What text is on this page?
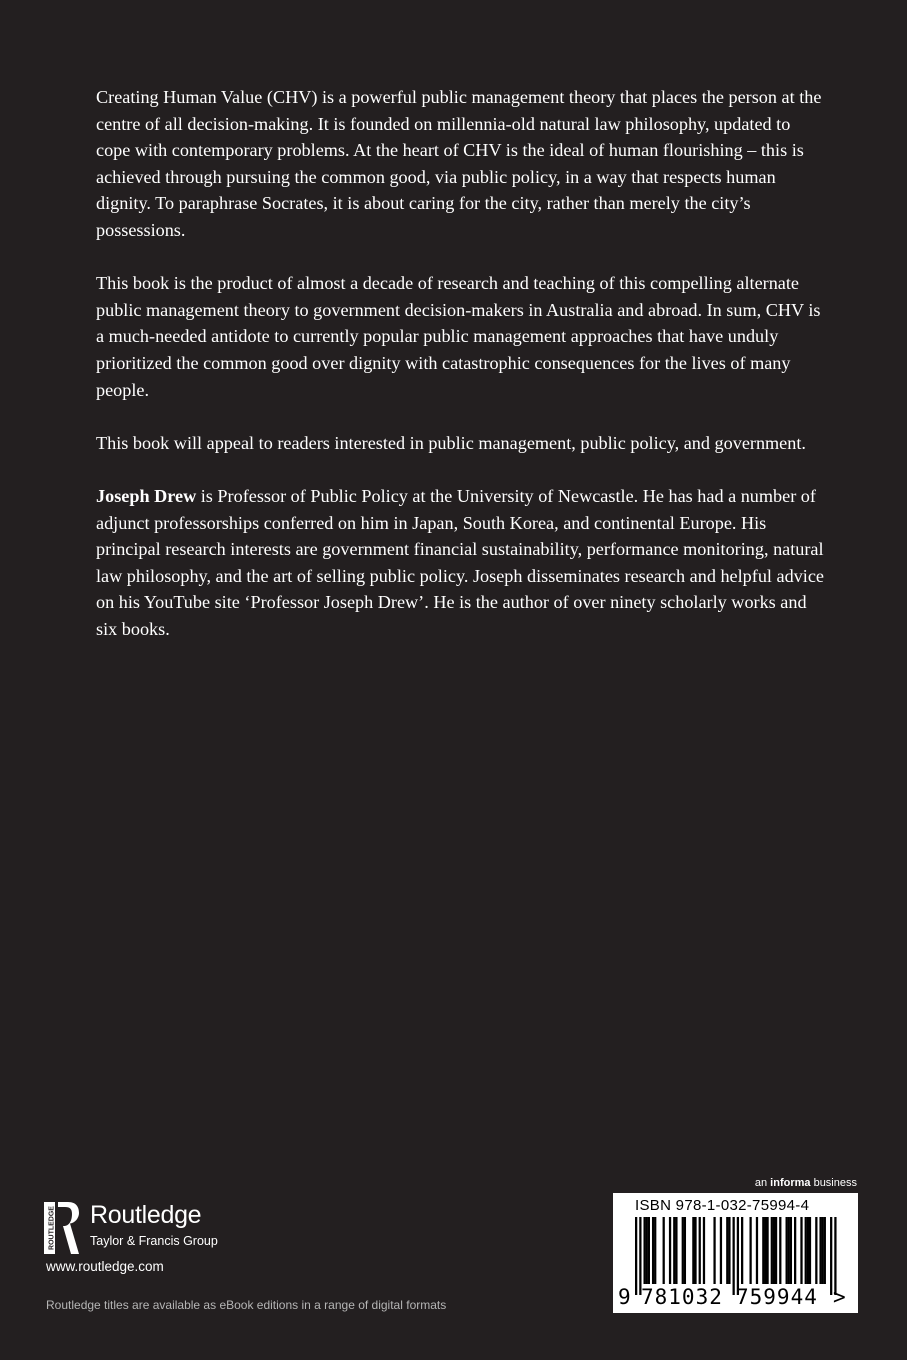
Creating Human Value (CHV) is a powerful public management theory that places the person at the centre of all decision-making. It is founded on millennia-old natural law philosophy, updated to cope with contemporary problems. At the heart of CHV is the ideal of human flourishing – this is achieved through pursuing the common good, via public policy, in a way that respects human dignity. To paraphrase Socrates, it is about caring for the city, rather than merely the city’s possessions.

This book is the product of almost a decade of research and teaching of this compelling alternate public management theory to government decision-makers in Australia and abroad. In sum, CHV is a much-needed antidote to currently popular public management approaches that have unduly prioritized the common good over dignity with catastrophic consequences for the lives of many people.

This book will appeal to readers interested in public management, public policy, and government.

Joseph Drew is Professor of Public Policy at the University of Newcastle. He has had a number of adjunct professorships conferred on him in Japan, South Korea, and continental Europe. His principal research interests are government financial sustainability, performance monitoring, natural law philosophy, and the art of selling public policy. Joseph disseminates research and helpful advice on his YouTube site ‘Professor Joseph Drew’. He is the author of over ninety scholarly works and six books.

ROUTLEDGE Routledge
Taylor & Francis Group
www.routledge.com
Routledge titles are available as eBook editions in a range of digital formats
an informa business
ISBN 978-1-032-75994-4
9 781032 759944 >
